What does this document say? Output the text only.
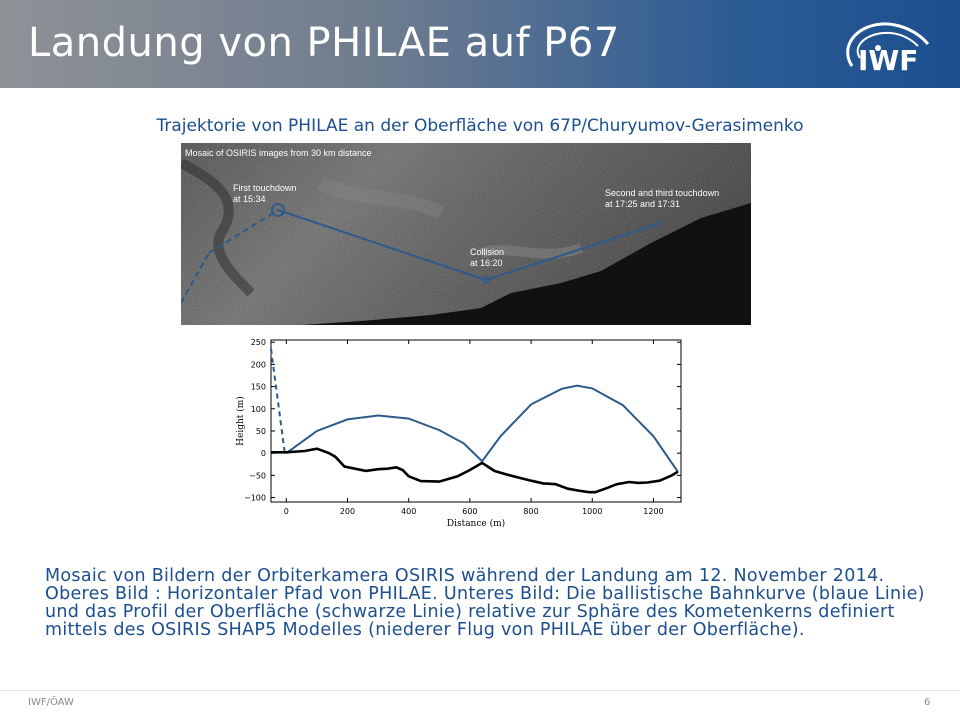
Landung von PHILAE auf P67	IWF
Trajektorie von PHILAE an der Oberfläche von 67P/Churyumov-Gerasimenko
Mosaic of OSIRIS images from 30 km distance
First touchdown
at 15:34
Collision
at 16:20
Second and third touchdown
at 17:25 and 17:31
250
200
150
100
50
0
−50
−100
0	200	400	600	800	1000	1200
Distance (m)
Height (m)

Mosaic von Bildern der Orbiterkamera OSIRIS während der Landung am 12. November 2014.

Oberes Bild : Horizontaler Pfad von PHILAE. Unteres Bild: Die ballistische Bahnkurve (blaue Linie) und das Profil der Oberfläche (schwarze Linie) relative zur Sphäre des Kometenkerns definiert mittels des OSIRIS SHAP5 Modelles (niederer Flug von PHILAE über der Oberfläche).

IWF/ÖAW	6
